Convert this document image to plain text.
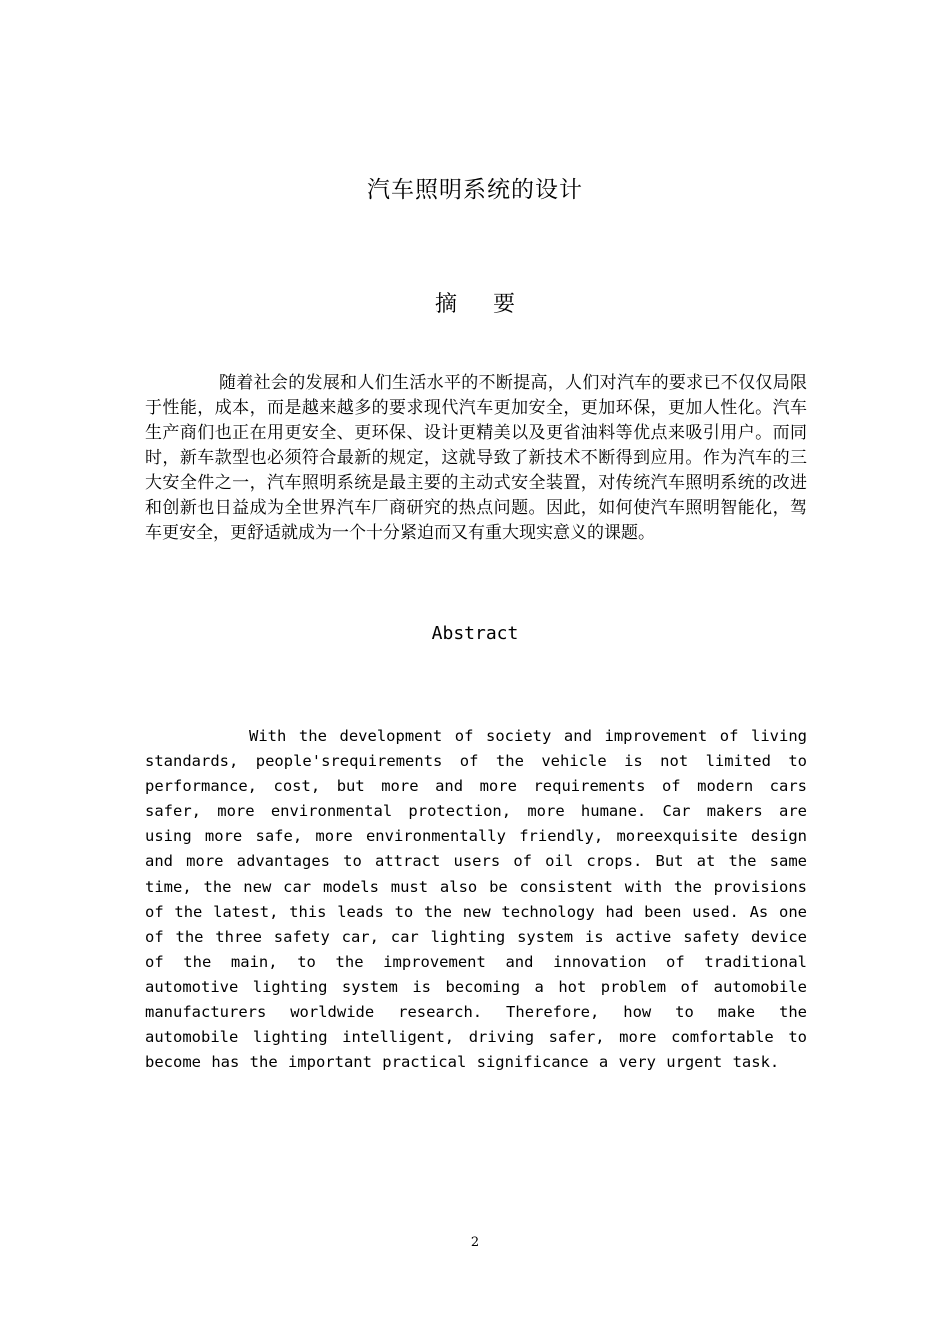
汽车照明系统的设计
摘要

随着社会的发展和人们生活水平的不断提高，人们对汽车的要求已不仅仅局限于性能，成本，而是越来越多的要求现代汽车更加安全，更加环保，更加人性化。汽车生产商们也正在用更安全、更环保、设计更精美以及更省油料等优点来吸引用户。而同时，新车款型也必须符合最新的规定，这就导致了新技术不断得到应用。作为汽车的三大安全件之一，汽车照明系统是最主要的主动式安全装置，对传统汽车照明系统的改进和创新也日益成为全世界汽车厂商研究的热点问题。因此，如何使汽车照明智能化，驾车更安全，更舒适就成为一个十分紧迫而又有重大现实意义的课题。

Abstract

With the development of society and improvement of living standards, people'srequirements of the vehicle is not limited to performance, cost, but more and more requirements of modern cars safer, more environmental protection, more humane. Car makers are using more safe, more environmentally friendly, moreexquisite design and more advantages to attract users of oil crops. But at the same time, the new car models must also be consistent with the provisions of the latest, this leads to the new technology had been used. As one of the three safety car, car lighting system is active safety device of the main, to the improvement and innovation of traditional automotive lighting system is becoming a hot problem of automobile manufacturers worldwide research. Therefore, how to make the automobile lighting intelligent, driving safer, more comfortable to become has the important practical significance a very urgent task.

2
